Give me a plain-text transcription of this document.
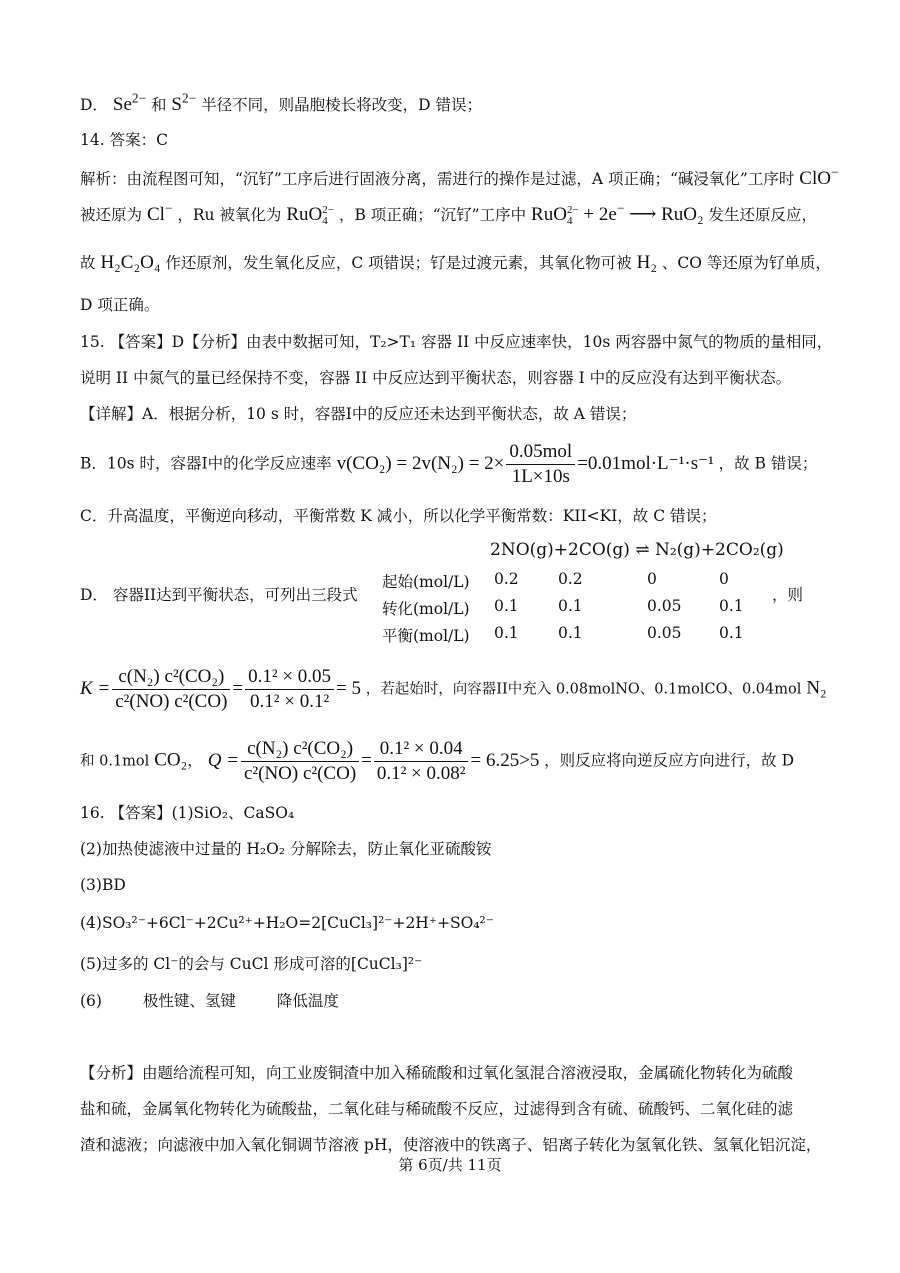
D． $Se^{2-}$ 和 $S^{2-}$ 半径不同，则晶胞棱长将改变，D 错误；
14. 答案：C
解析：由流程图可知，“沉钌”工序后进行固液分离，需进行的操作是过滤，A 项正确；“碱浸氧化”工序时 ClO−
被还原为 Cl− ，Ru 被氧化为 RuO 2−
4 ，B 项正确；“沉钌”工序中 RuO 2−
4 + 2e− ⟶ RuO₂ 发生还原反应，
故 H₂C₂O₄ 作还原剂，发生氧化反应，C 项错误；钌是过渡元素，其氧化物可被 H₂ 、CO 等还原为钌单质，
D 项正确。
15. 【答案】D【分析】由表中数据可知，T₂>T₁ 容器 II 中反应速率快，10s 两容器中氮气的物质的量相同，
说明 II 中氮气的量已经保持不变，容器 II 中反应达到平衡状态，则容器 I 中的反应没有达到平衡状态。
【详解】A．根据分析，10 s 时，容器Ⅰ中的反应还未达到平衡状态，故 A 错误；
B．10s 时，容器Ⅰ中的化学反应速率 $v(CO_2) = 2v(N_2) = 2\times \frac{\text{0.05mol}}{1L\times 10s} =0.01mol\cdot L^{-1}\cdot s^{-1}$ ，故 B 错误；
C．升高温度，平衡逆向移动，平衡常数 K 减小，所以化学平衡常数：KII<KI，故 C 错误；
D． 容器II达到平衡状态，可列出三段式	，则
2NO(g)+2CO(g) ⇌ N₂(g)+2CO₂(g)
起始(mol/L) 0.2	0.2	0	0
转化(mol/L) 0.1	0.1	0.05 0.1
平衡(mol/L) 0.1	0.1	0.05 0.1
$K = \frac{\text{c(N₂) c²(CO₂)}}{\text{c²(NO) c²(CO)}} = \frac{\text{0.1² × 0.05}}{\text{0.1² × 0.1²}} = 5$ ，若起始时，向容器II中充入 0.08molNO、0.1molCO、0.04mol N₂
和 0.1mol CO₂， $Q = \frac{\text{c(N₂) c²(CO₂)}}{\text{c²(NO) c²(CO)}} = \frac{\text{0.1² × 0.04}}{\text{0.1² × 0.08²}} = 6.25>5$ ，则反应将向逆反应方向进行，故 D
16. 【答案】(1)SiO₂、CaSO₄
(2)加热使滤液中过量的 H₂O₂ 分解除去，防止氧化亚硫酸铵
(3)BD
(4)SO₃²⁻+6Cl⁻+2Cu²⁺+H₂O=2[CuCl₃]²⁻+2H⁺+SO₄²⁻
(5)过多的 Cl⁻的会与 CuCl 形成可溶的[CuCl₃]²⁻
(6)	极性键、氢键	降低温度
【分析】由题给流程可知，向工业废铜渣中加入稀硫酸和过氧化氢混合溶液浸取，金属硫化物转化为硫酸
盐和硫，金属氧化物转化为硫酸盐，二氧化硅与稀硫酸不反应，过滤得到含有硫、硫酸钙、二氧化硅的滤
渣和滤液；向滤液中加入氧化铜调节溶液 pH，使溶液中的铁离子、铝离子转化为氢氧化铁、氢氧化铝沉淀，
第 6页/共 11页
